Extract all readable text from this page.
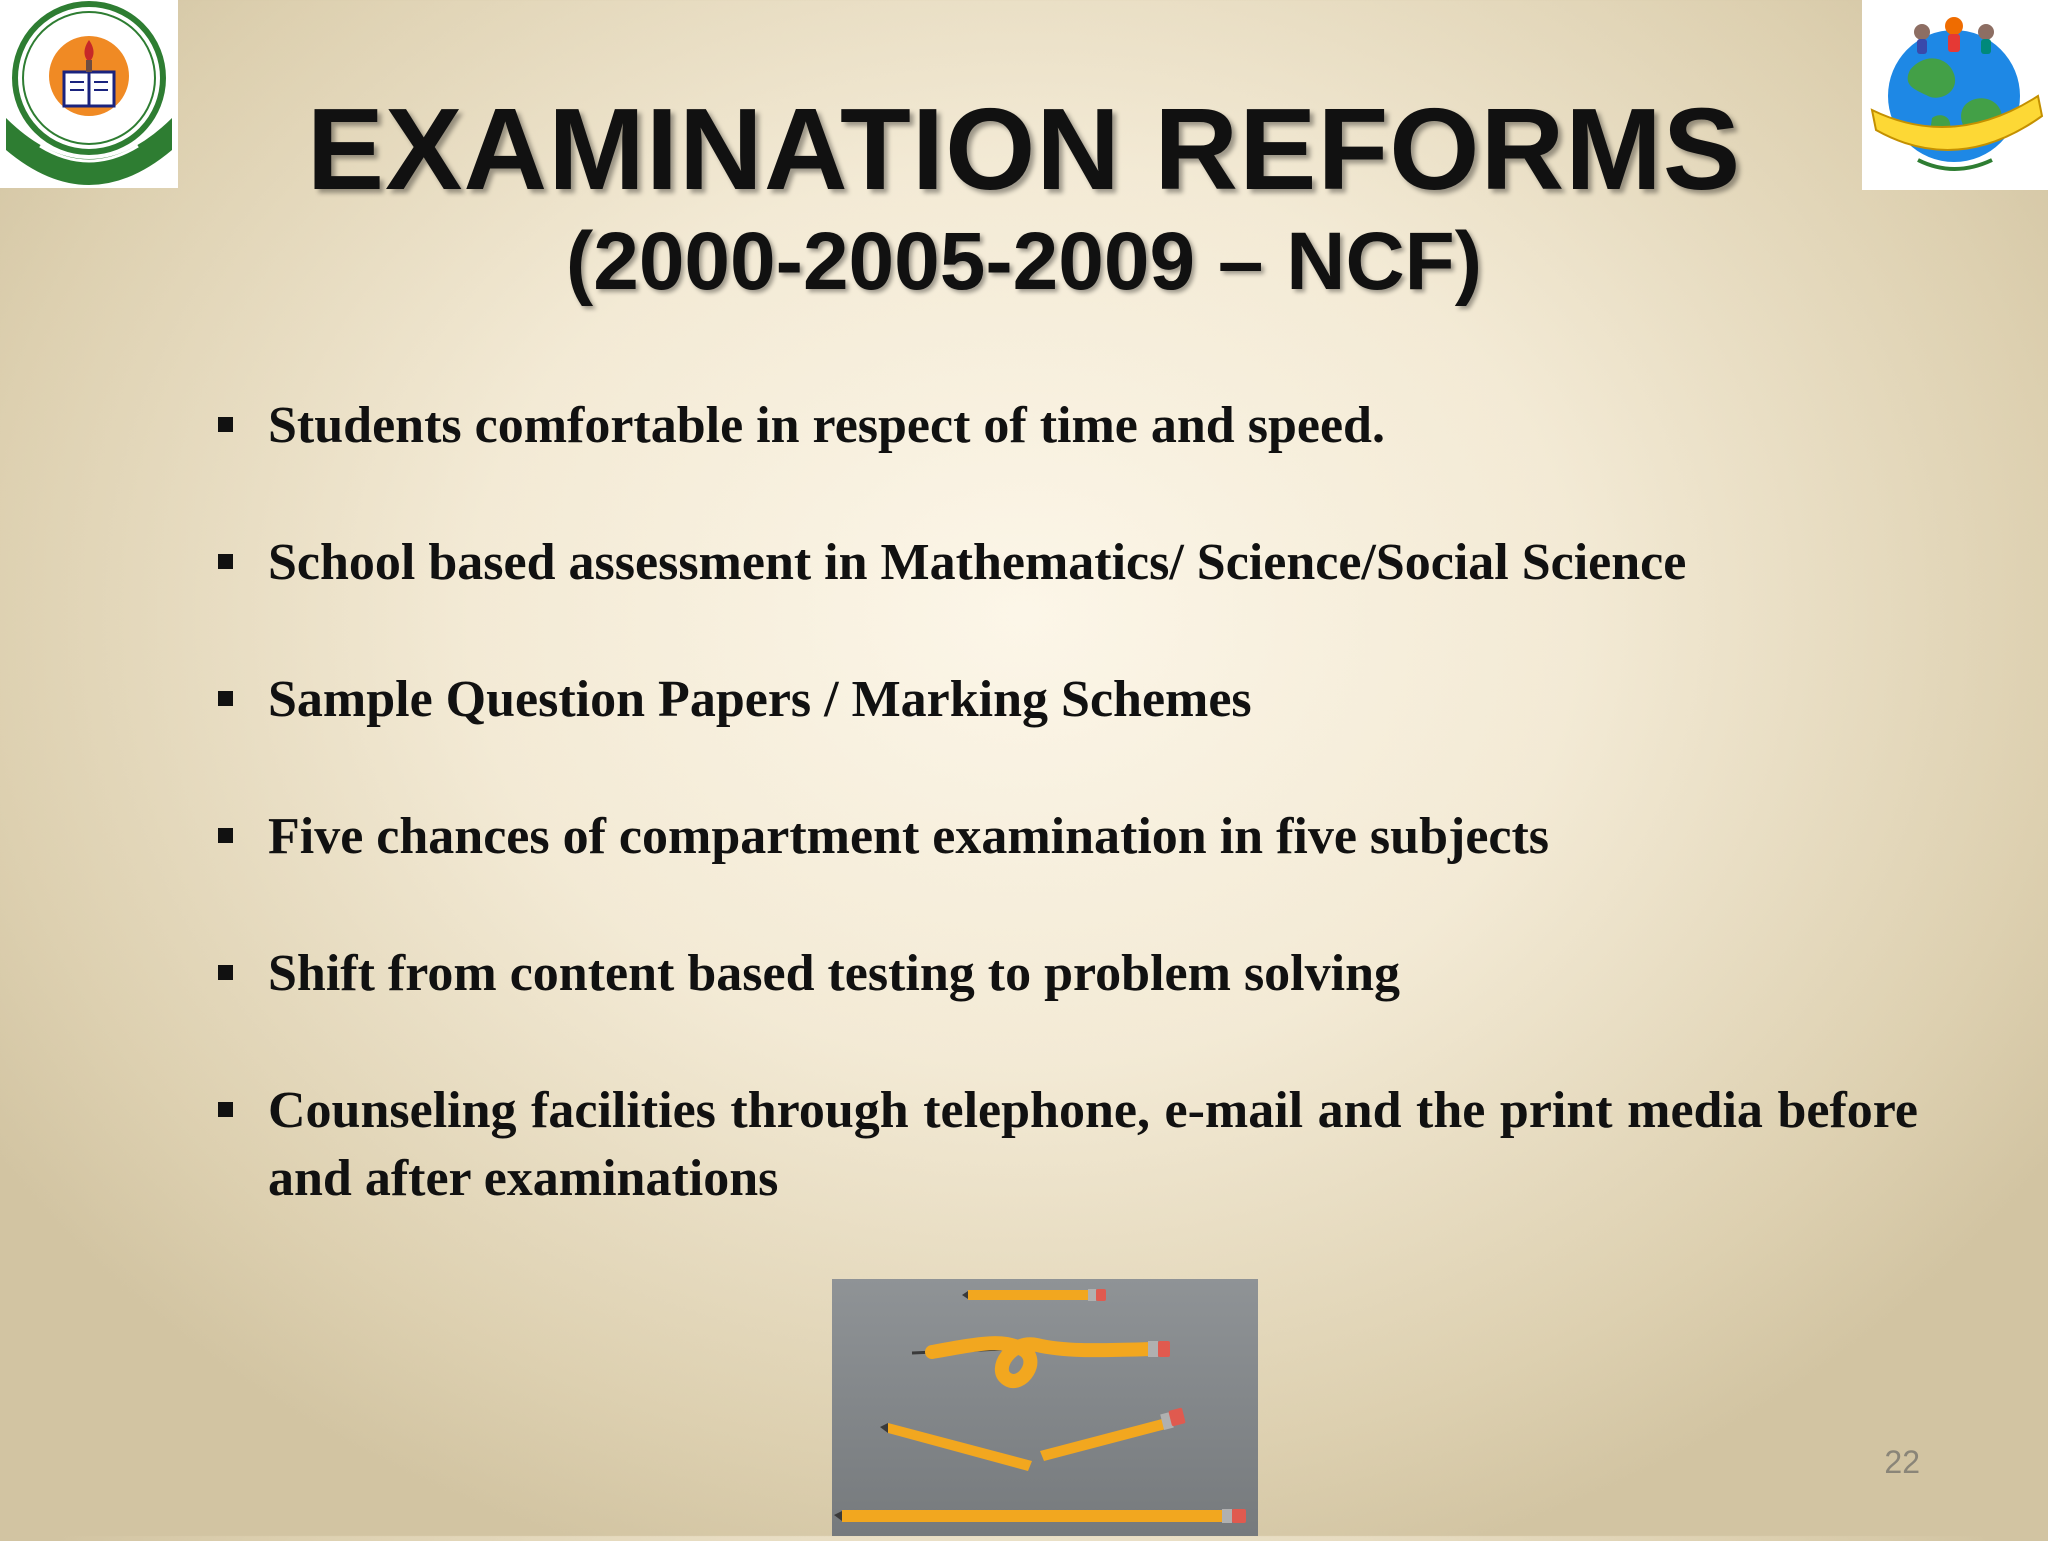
EXAMINATION REFORMS
(2000-2005-2009 – NCF)
Students comfortable in respect of time and speed.
School based assessment in Mathematics/ Science/Social Science
Sample Question Papers / Marking Schemes
Five chances of compartment examination in five subjects
Shift from content based testing to problem solving
Counseling facilities through telephone, e-mail and the print media before and after examinations
22
